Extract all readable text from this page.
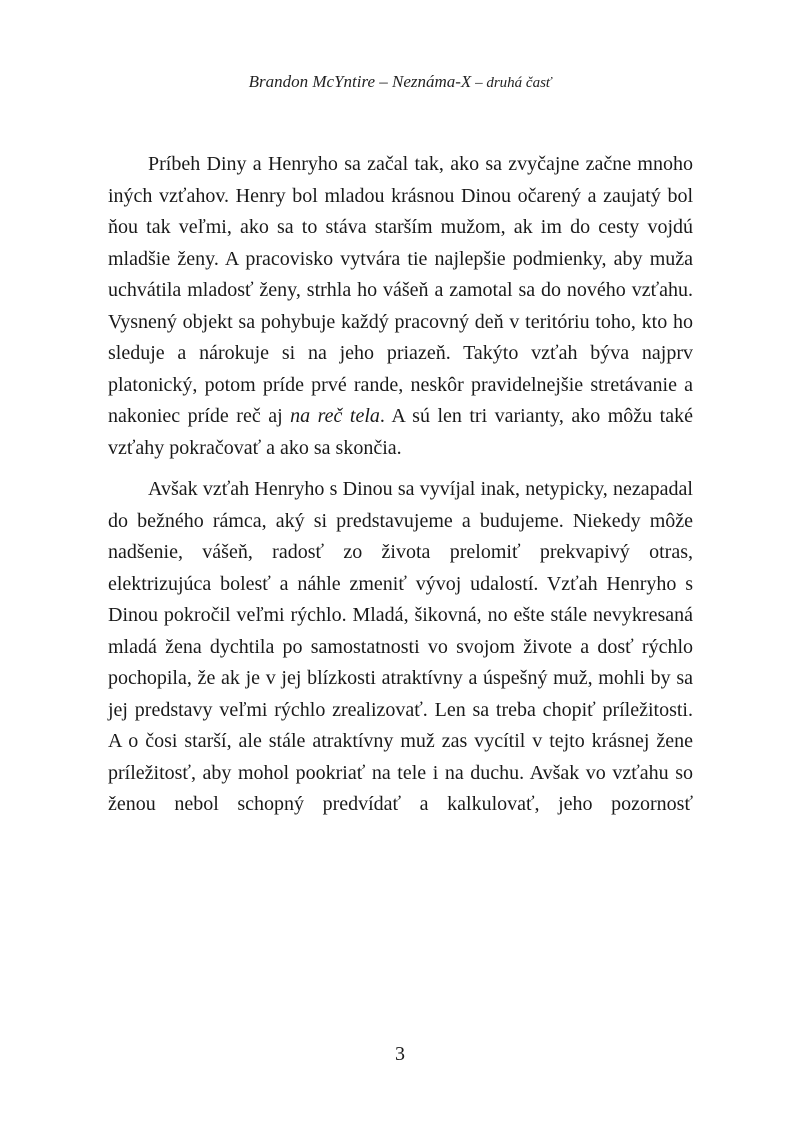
Brandon McYntire – Neznáma-X – druhá časť

Príbeh Diny a Henryho sa začal tak, ako sa zvyčajne začne mnoho iných vzťahov. Henry bol mladou krásnou Dinou očarený a zaujatý bol ňou tak veľmi, ako sa to stáva starším mužom, ak im do cesty vojdú mladšie ženy. A pracovisko vytvára tie najlepšie podmienky, aby muža uchvátila mladosť ženy, strhla ho vášeň a zamotal sa do nového vzťahu. Vysnený objekt sa pohybuje každý pracovný deň v teritóriu toho, kto ho sleduje a nárokuje si na jeho priazeň. Takýto vzťah býva najprv platonický, potom príde prvé rande, neskôr pravidelnejšie stretávanie a nakoniec príde reč aj na reč tela. A sú len tri varianty, ako môžu také vzťahy pokračovať a ako sa skončia.

Avšak vzťah Henryho s Dinou sa vyvíjal inak, netypicky, nezapadal do bežného rámca, aký si predstavujeme a budujeme. Niekedy môže nadšenie, vášeň, radosť zo života prelomiť prekvapivý otras, elektrizujúca bolesť a náhle zmeniť vývoj udalostí. Vzťah Henryho s Dinou pokročil veľmi rýchlo. Mladá, šikovná, no ešte stále nevykresaná mladá žena dychtila po samostatnosti vo svojom živote a dosť rýchlo pochopila, že ak je v jej blízkosti atraktívny a úspešný muž, mohli by sa jej predstavy veľmi rýchlo zrealizovať. Len sa treba chopiť príležitosti. A o čosi starší, ale stále atraktívny muž zas vycítil v tejto krásnej žene príležitosť, aby mohol pookriať na tele i na duchu. Avšak vo vzťahu so ženou nebol schopný predvídať a kalkulovať, jeho pozornosť

3
